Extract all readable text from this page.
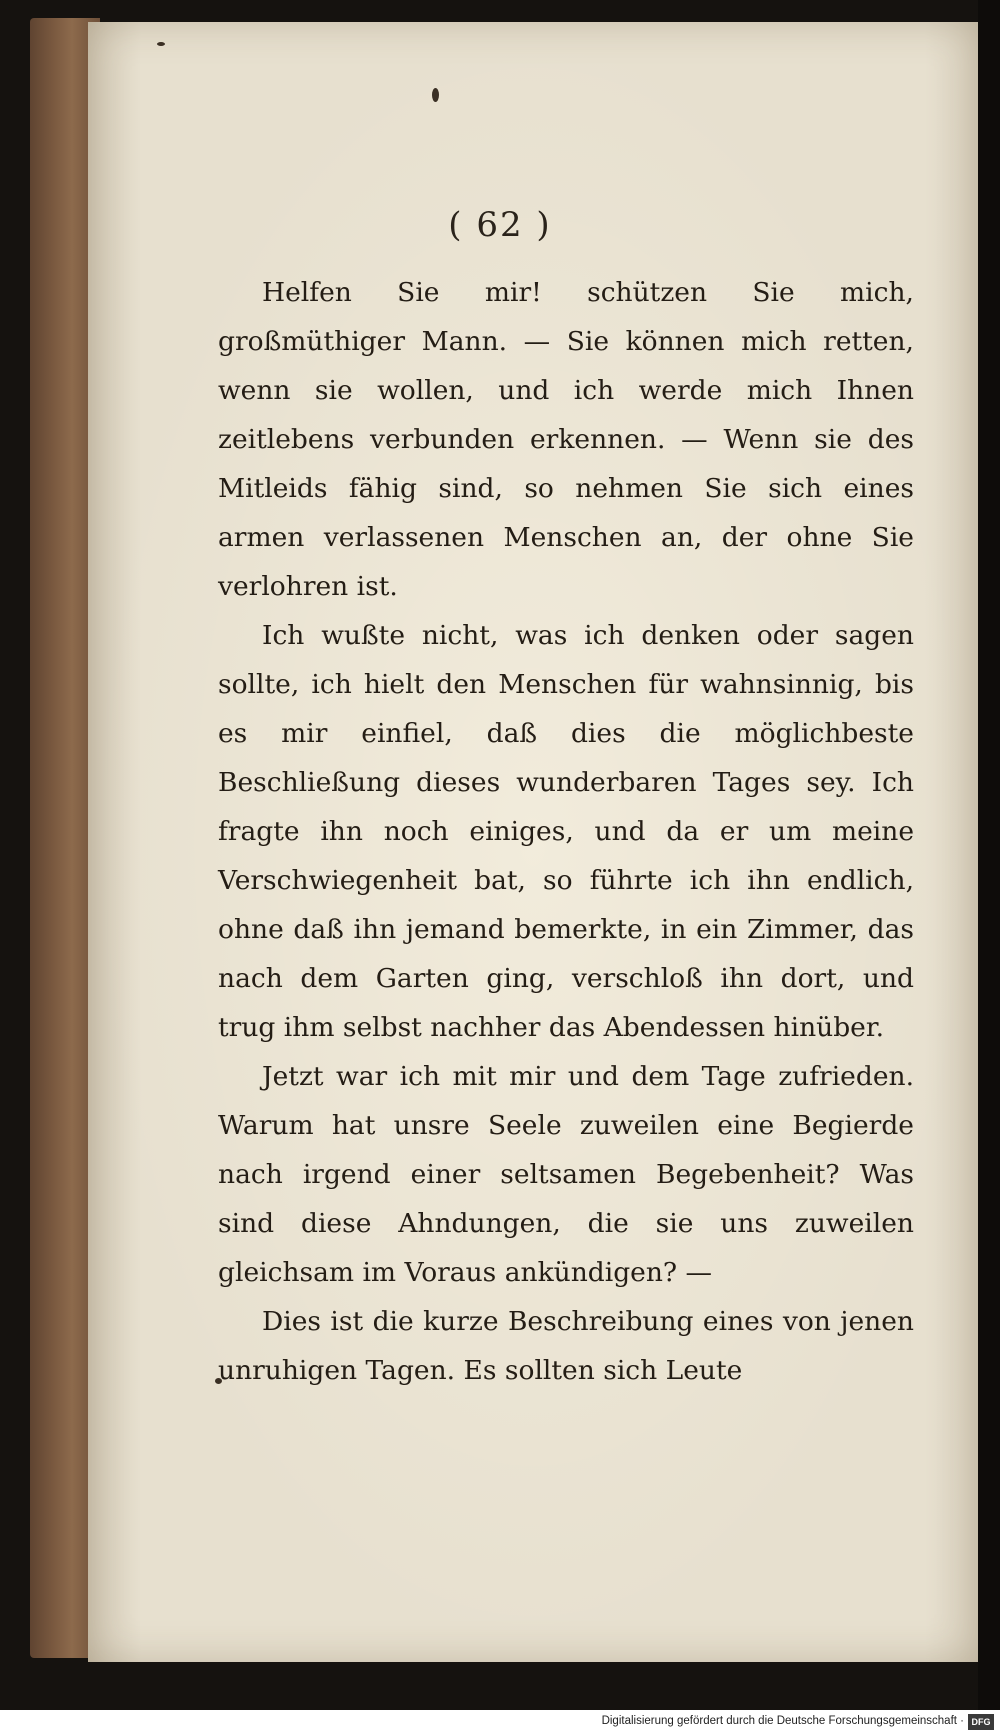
( 62 )

Helfen Sie mir! schützen Sie mich, großmüthiger Mann. — Sie können mich retten, wenn sie wollen, und ich werde mich Ihnen zeitlebens verbunden erkennen. — Wenn sie des Mitleids fähig sind, so nehmen Sie sich eines armen verlassenen Menschen an, der ohne Sie verlohren ist.

Ich wußte nicht, was ich denken oder sagen sollte, ich hielt den Menschen für wahnsinnig, bis es mir einfiel, daß dies die möglichbeste Beschließung dieses wunderbaren Tages sey. Ich fragte ihn noch einiges, und da er um meine Verschwiegenheit bat, so führte ich ihn endlich, ohne daß ihn jemand bemerkte, in ein Zimmer, das nach dem Garten ging, verschloß ihn dort, und trug ihm selbst nachher das Abendessen hinüber.

Jetzt war ich mit mir und dem Tage zufrieden. Warum hat unsre Seele zuweilen eine Begierde nach irgend einer seltsamen Begebenheit? Was sind diese Ahndungen, die sie uns zuweilen gleichsam im Voraus ankündigen? —

Dies ist die kurze Beschreibung eines von jenen unruhigen Tagen. Es sollten sich Leute

Digitalisierung gefördert durch die Deutsche Forschungsgemeinschaft · DFG
